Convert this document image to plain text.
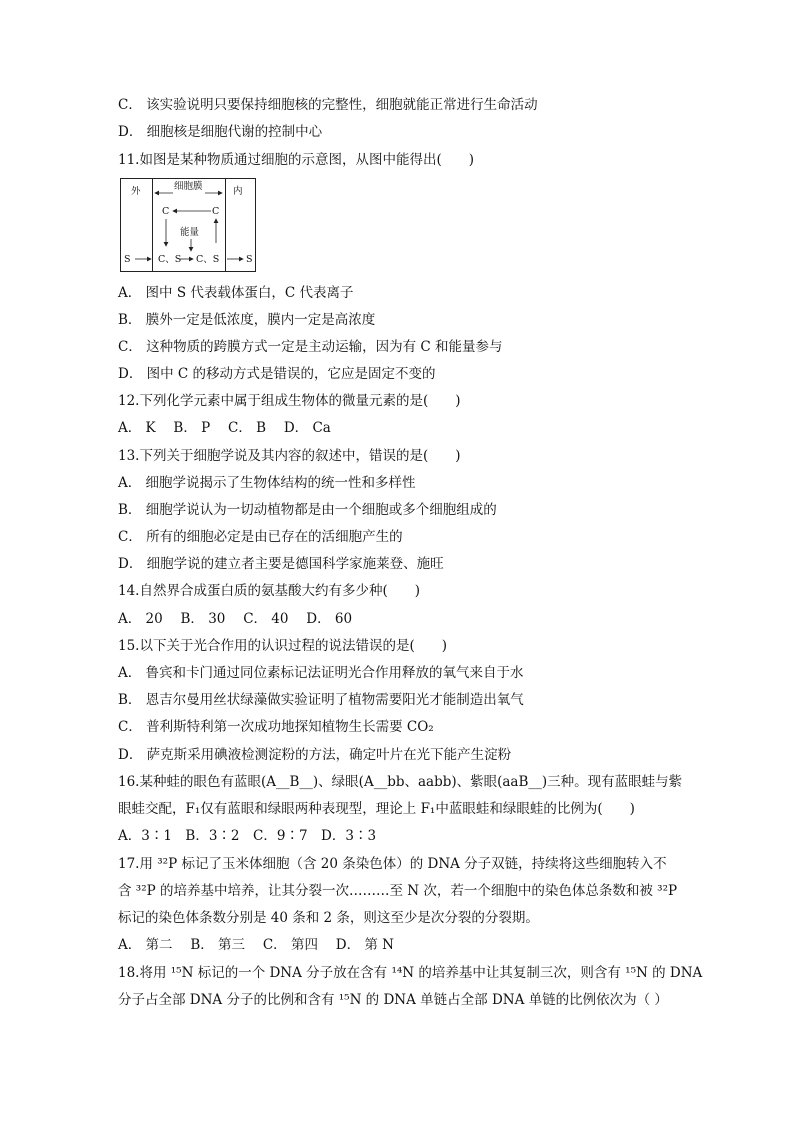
C． 该实验说明只要保持细胞核的完整性，细胞就能正常进行生命活动
D． 细胞核是细胞代谢的控制中心
11.如图是某种物质通过细胞的示意图，从图中能得出(　　)
外	内
细胞膜
C	C
能量
S	C、S C、S	S
A． 图中 S 代表载体蛋白，C 代表离子
B． 膜外一定是低浓度，膜内一定是高浓度
C． 这种物质的跨膜方式一定是主动运输，因为有 C 和能量参与
D． 图中 C 的移动方式是错误的，它应是固定不变的
12.下列化学元素中属于组成生物体的微量元素的是(　　)
A． K　 B． P　 C． B　 D． Ca
13.下列关于细胞学说及其内容的叙述中，错误的是(　　)
A． 细胞学说揭示了生物体结构的统一性和多样性
B． 细胞学说认为一切动植物都是由一个细胞或多个细胞组成的
C． 所有的细胞必定是由已存在的活细胞产生的
D． 细胞学说的建立者主要是德国科学家施莱登、施旺
14.自然界合成蛋白质的氨基酸大约有多少种(　　)
A． 20　 B． 30　 C． 40　 D． 60
15.以下关于光合作用的认识过程的说法错误的是(　　)
A． 鲁宾和卡门通过同位素标记法证明光合作用释放的氧气来自于水
B． 恩吉尔曼用丝状绿藻做实验证明了植物需要阳光才能制造出氧气
C． 普利斯特利第一次成功地探知植物生长需要 CO₂
D． 萨克斯采用碘液检测淀粉的方法，确定叶片在光下能产生淀粉
16.某种蛙的眼色有蓝眼(A__B__)、绿眼(A__bb、aabb)、紫眼(aaB__)三种。现有蓝眼蛙与紫
眼蛙交配，F₁仅有蓝眼和绿眼两种表现型，理论上 F₁中蓝眼蛙和绿眼蛙的比例为(　　)
A．3∶1　B．3∶2　C．9∶7　D．3∶3
17.用 ³²P 标记了玉米体细胞（含 20 条染色体）的 DNA 分子双链，持续将这些细胞转入不
含 ³²P 的培养基中培养，让其分裂一次………至 N 次，若一个细胞中的染色体总条数和被 ³²P
标记的染色体条数分别是 40 条和 2 条，则这至少是次分裂的分裂期。
A． 第二　 B． 第三　 C． 第四　 D． 第 N
18.将用 ¹⁵N 标记的一个 DNA 分子放在含有 ¹⁴N 的培养基中让其复制三次，则含有 ¹⁵N 的 DNA
分子占全部 DNA 分子的比例和含有 ¹⁵N 的 DNA 单链占全部 DNA 单链的比例依次为（ ）
